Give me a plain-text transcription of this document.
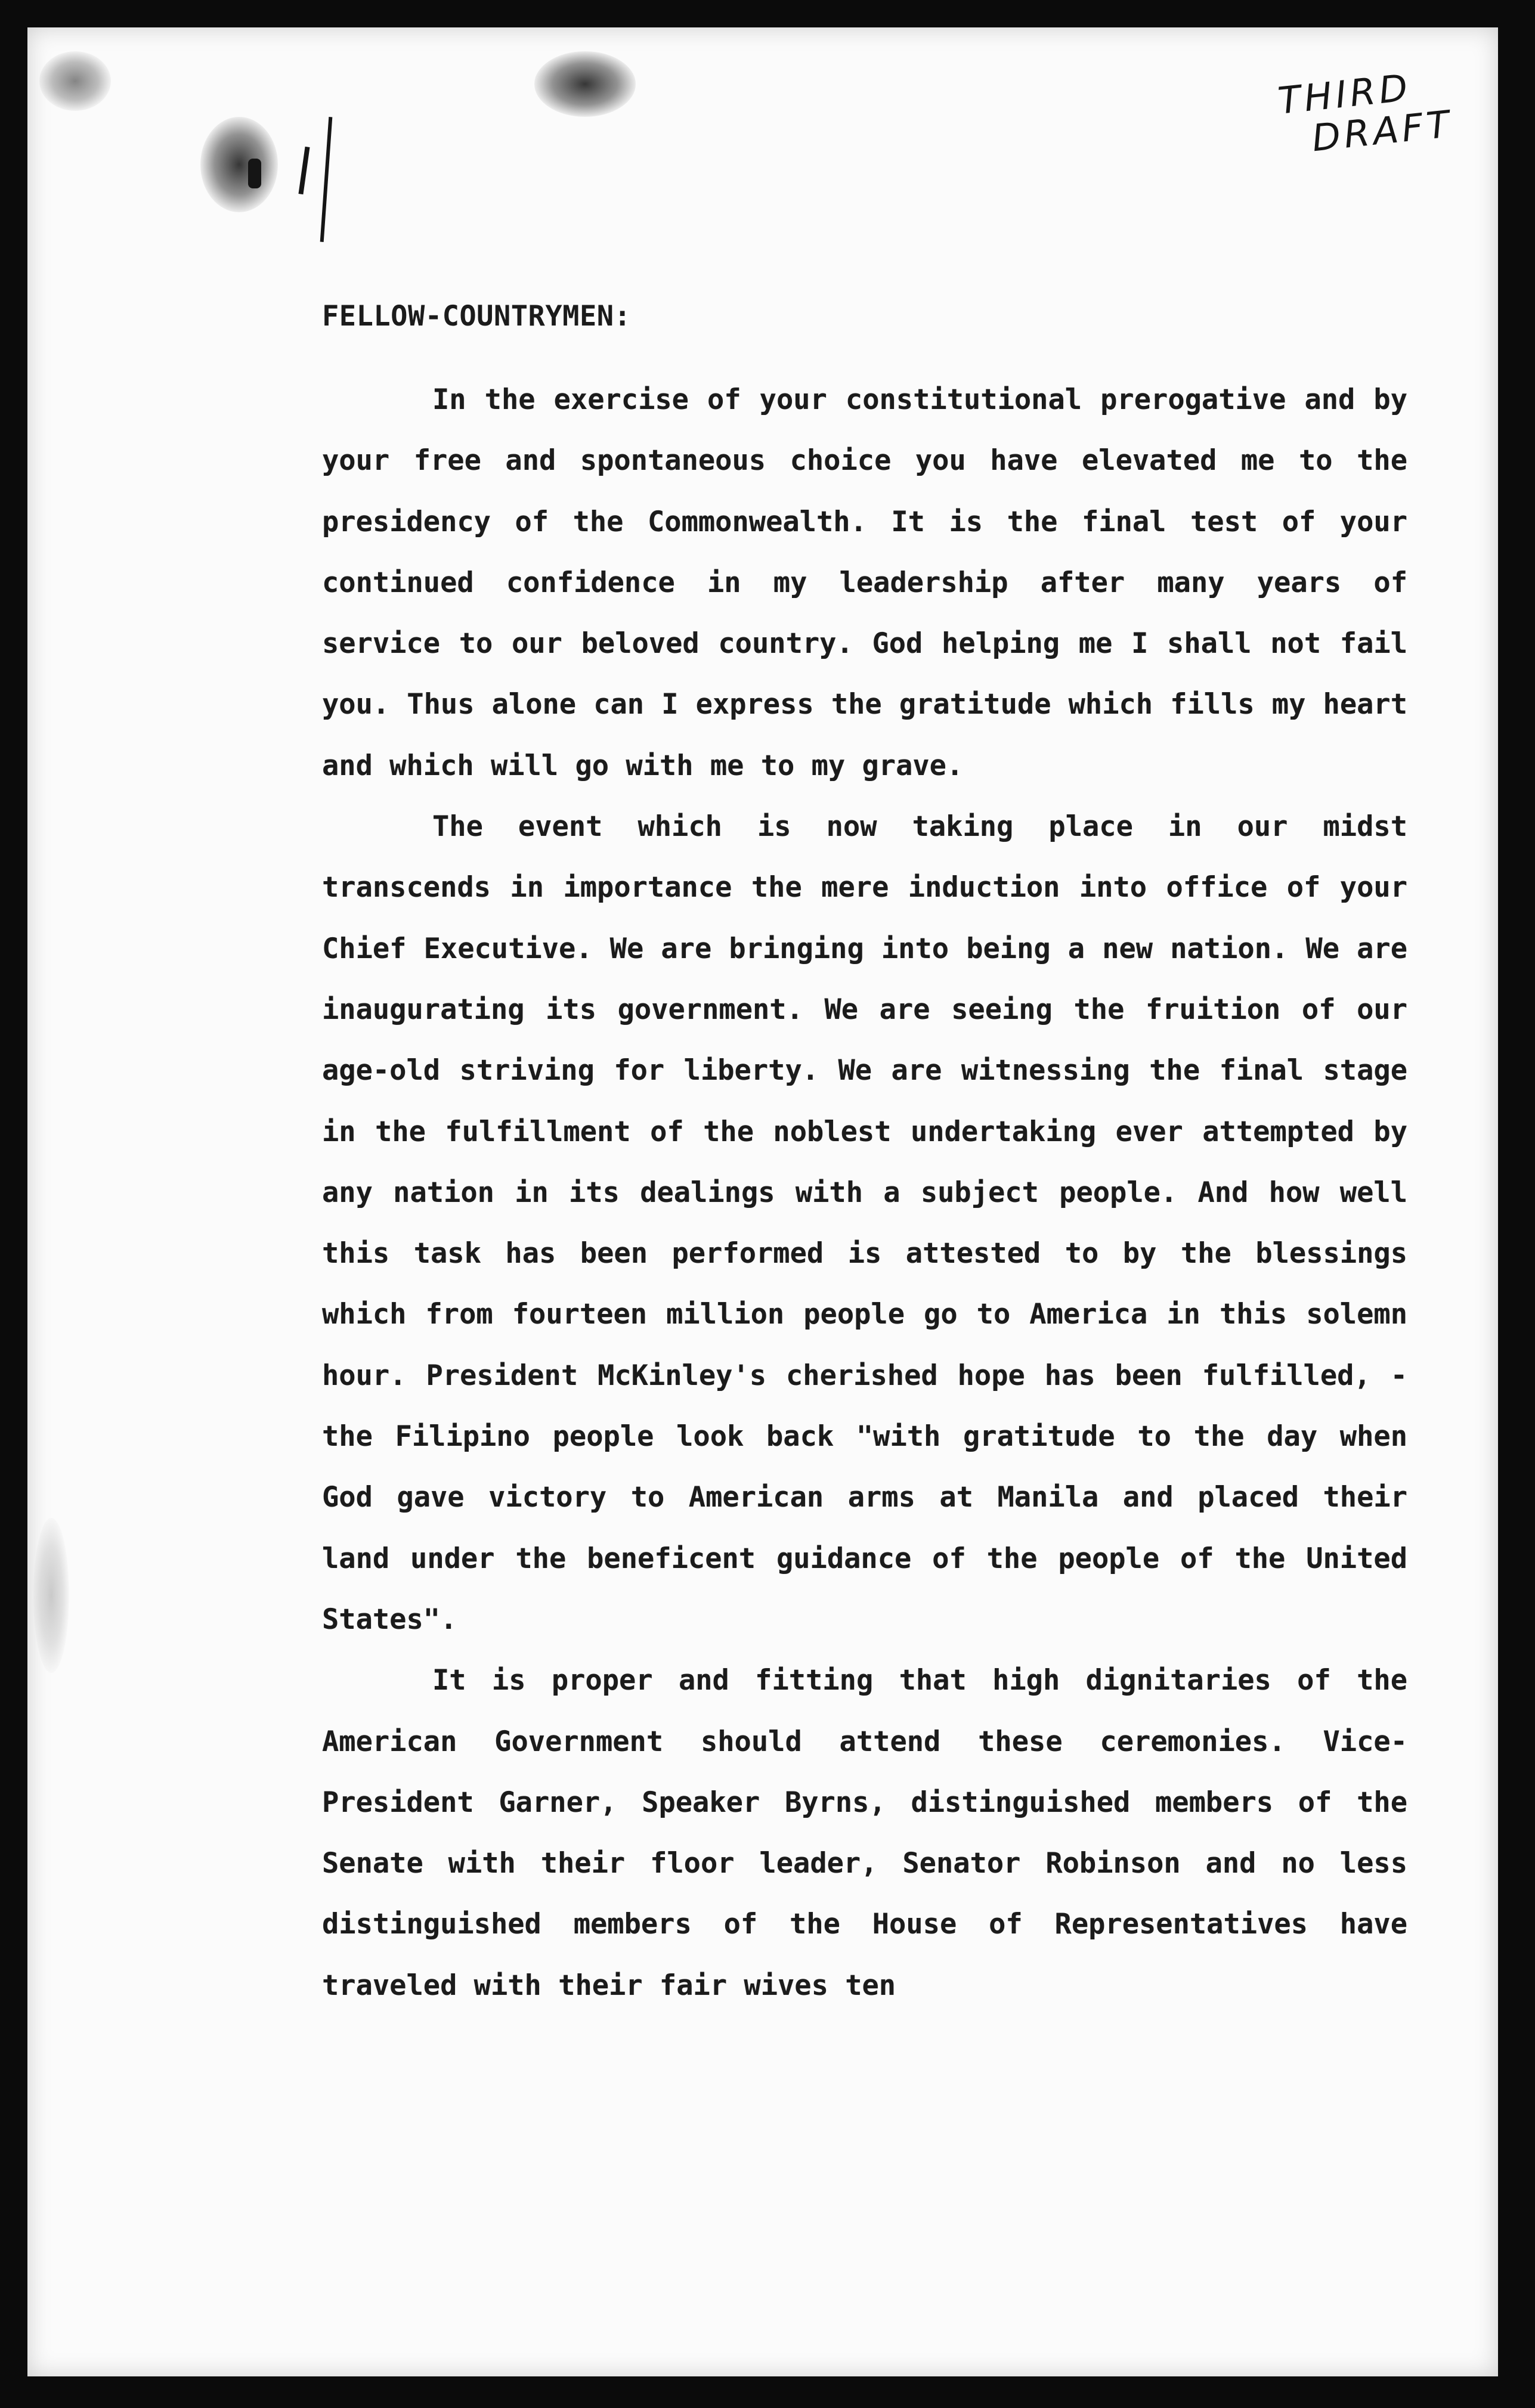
THIRD
DRAFT

FELLOW-COUNTRYMEN:

In the exercise of your constitutional prerogative and by your free and spontaneous choice you have elevated me to the presidency of the Commonwealth. It is the final test of your continued confidence in my leadership after many years of service to our beloved country. God helping me I shall not fail you. Thus alone can I express the gratitude which fills my heart and which will go with me to my grave.

The event which is now taking place in our midst transcends in importance the mere induction into office of your Chief Executive. We are bringing into being a new nation. We are inaugurating its government. We are seeing the fruition of our age-old striving for liberty. We are witnessing the final stage in the fulfillment of the noblest undertaking ever attempted by any nation in its dealings with a subject people. And how well this task has been performed is attested to by the blessings which from fourteen million people go to America in this solemn hour. President McKinley's cherished hope has been fulfilled, - the Filipino people look back "with gratitude to the day when God gave victory to American arms at Manila and placed their land under the beneficent guidance of the people of the United States".

It is proper and fitting that high dignitaries of the American Government should attend these ceremonies. Vice-President Garner, Speaker Byrns, distinguished members of the Senate with their floor leader, Senator Robinson and no less distinguished members of the House of Representatives have traveled with their fair wives ten
